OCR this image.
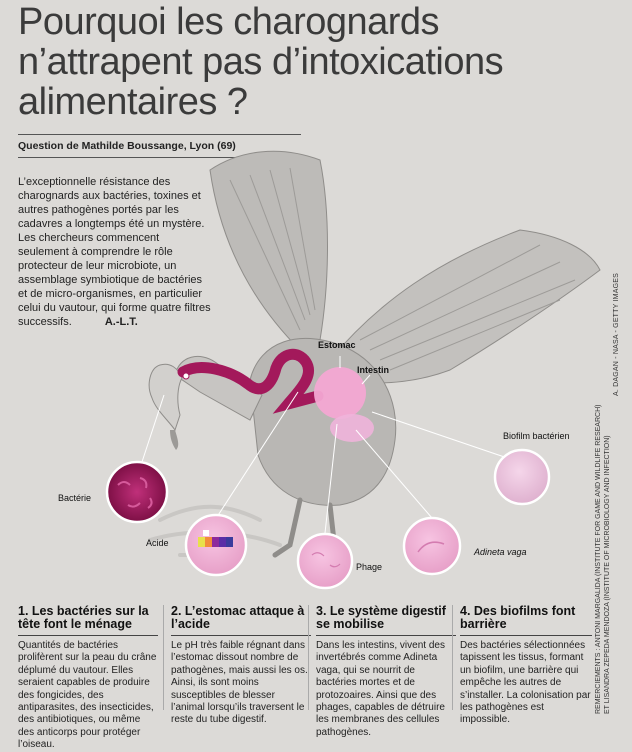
Pourquoi les charognards n’attrapent pas d’intoxications alimentaires ?
Question de Mathilde Boussange, Lyon (69)
L’exceptionnelle résistance des charognards aux bactéries, toxines et autres pathogènes portés par les cadavres a longtemps été un mystère. Les chercheurs commencent seulement à comprendre le rôle protecteur de leur microbiote, un assemblage symbiotique de bactéries et de micro-organismes, en particulier celui du vautour, qui forme quatre filtres successifs.	A.-L.T.
Estomac
Intestin
Bactérie
Acide
Phage
Adineta vaga
Biofilm bactérien
A. DAGAN - NASA - GETTY IMAGES
REMERCIEMENTS : ANTONI MARGALIDA (INSTITUTE FOR GAME AND WILDLIFE RESEARCH) ET LISANDRA ZEPEDA MENDOZA (INSTITUTE OF MICROBIOLOGY AND INFECTION)
1. Les bactéries sur la tête font le ménage

Quantités de bactéries prolifèrent sur la peau du crâne déplumé du vautour. Elles seraient capables de produire des fongicides, des antiparasites, des insecticides, des antibiotiques, ou même des anticorps pour protéger l’oiseau.

2. L’estomac attaque à l’acide

Le pH très faible régnant dans l’estomac dissout nombre de pathogènes, mais aussi les os. Ainsi, ils sont moins susceptibles de blesser l’animal lorsqu’ils traversent le reste du tube digestif.

3. Le système digestif se mobilise

Dans les intestins, vivent des invertébrés comme Adineta vaga, qui se nourrit de bactéries mortes et de protozoaires. Ainsi que des phages, capables de détruire les membranes des cellules pathogènes.

4. Des biofilms font barrière

Des bactéries sélectionnées tapissent les tissus, formant un biofilm, une barrière qui empêche les autres de s’installer. La colonisation par les pathogènes est impossible.
